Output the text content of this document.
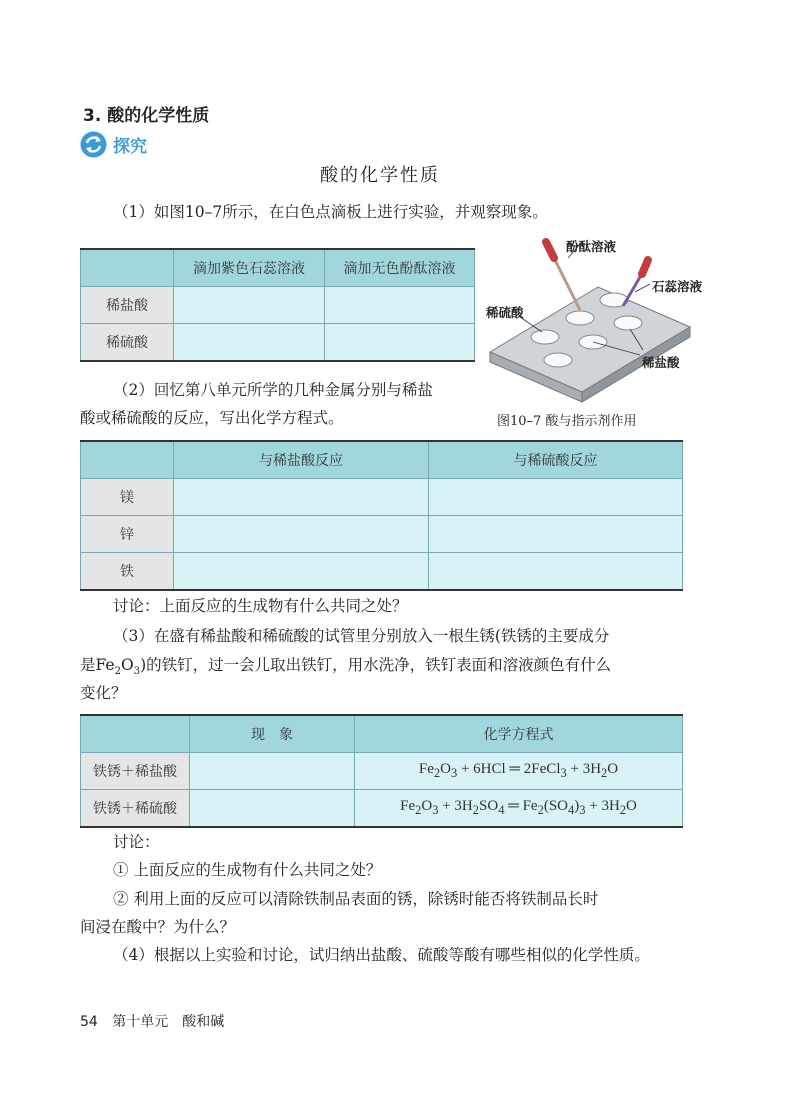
3. 酸的化学性质
探究
酸的化学性质
（1）如图10–7所示，在白色点滴板上进行实验，并观察现象。
	滴加紫色石蕊溶液	滴加无色酚酞溶液
稀盐酸		
稀硫酸		
酚酞溶液
石蕊溶液
稀硫酸
稀盐酸
图10–7 酸与指示剂作用
（2）回忆第八单元所学的几种金属分别与稀盐
酸或稀硫酸的反应，写出化学方程式。
	与稀盐酸反应	与稀硫酸反应
镁		
锌		
铁		
讨论：上面反应的生成物有什么共同之处？
（3）在盛有稀盐酸和稀硫酸的试管里分别放入一根生锈(铁锈的主要成分
是$Fe_2O_3$)的铁钉，过一会儿取出铁钉，用水洗净，铁钉表面和溶液颜色有什么
变化？
	现　象	化学方程式
铁锈＋稀盐酸		$Fe_2O_3 + 6HCl$ ═ 2FeCl$_3$ + $3H_2O$
铁锈＋稀硫酸		$Fe_2O_3 + 3H_2SO_4$ ═ $Fe_2(SO_4)_3 + 3H_2O$
讨论：
① 上面反应的生成物有什么共同之处？
② 利用上面的反应可以清除铁制品表面的锈，除锈时能否将铁制品长时
间浸在酸中？为什么？
（4）根据以上实验和讨论，试归纳出盐酸、硫酸等酸有哪些相似的化学性质。
54 第十单元　酸和碱
